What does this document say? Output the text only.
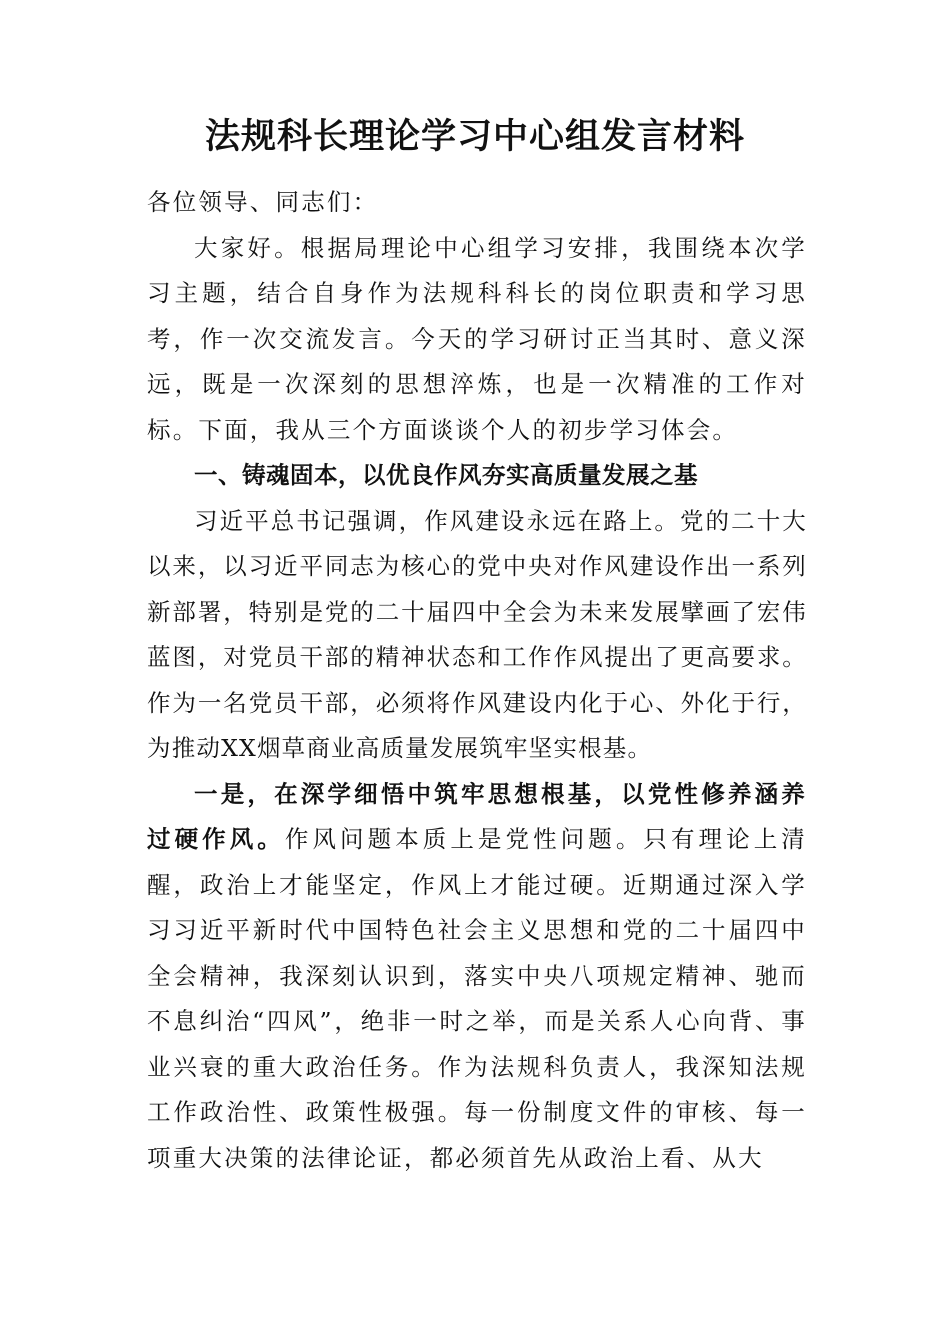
法规科长理论学习中心组发言材料

各位领导、同志们：

大家好。根据局理论中心组学习安排，我围绕本次学习主题，结合自身作为法规科科长的岗位职责和学习思考，作一次交流发言。今天的学习研讨正当其时、意义深远，既是一次深刻的思想淬炼，也是一次精准的工作对标。下面，我从三个方面谈谈个人的初步学习体会。

一、铸魂固本，以优良作风夯实高质量发展之基

习近平总书记强调，作风建设永远在路上。党的二十大以来，以习近平同志为核心的党中央对作风建设作出一系列新部署，特别是党的二十届四中全会为未来发展擘画了宏伟蓝图，对党员干部的精神状态和工作作风提出了更高要求。作为一名党员干部，必须将作风建设内化于心、外化于行，为推动XX烟草商业高质量发展筑牢坚实根基。

一是，在深学细悟中筑牢思想根基，以党性修养涵养过硬作风。作风问题本质上是党性问题。只有理论上清醒，政治上才能坚定，作风上才能过硬。近期通过深入学习习近平新时代中国特色社会主义思想和党的二十届四中全会精神，我深刻认识到，落实中央八项规定精神、驰而不息纠治“四风”，绝非一时之举，而是关系人心向背、事业兴衰的重大政治任务。作为法规科负责人，我深知法规工作政治性、政策性极强。每一份制度文件的审核、每一项重大决策的法律论证，都必须首先从政治上看、从大
